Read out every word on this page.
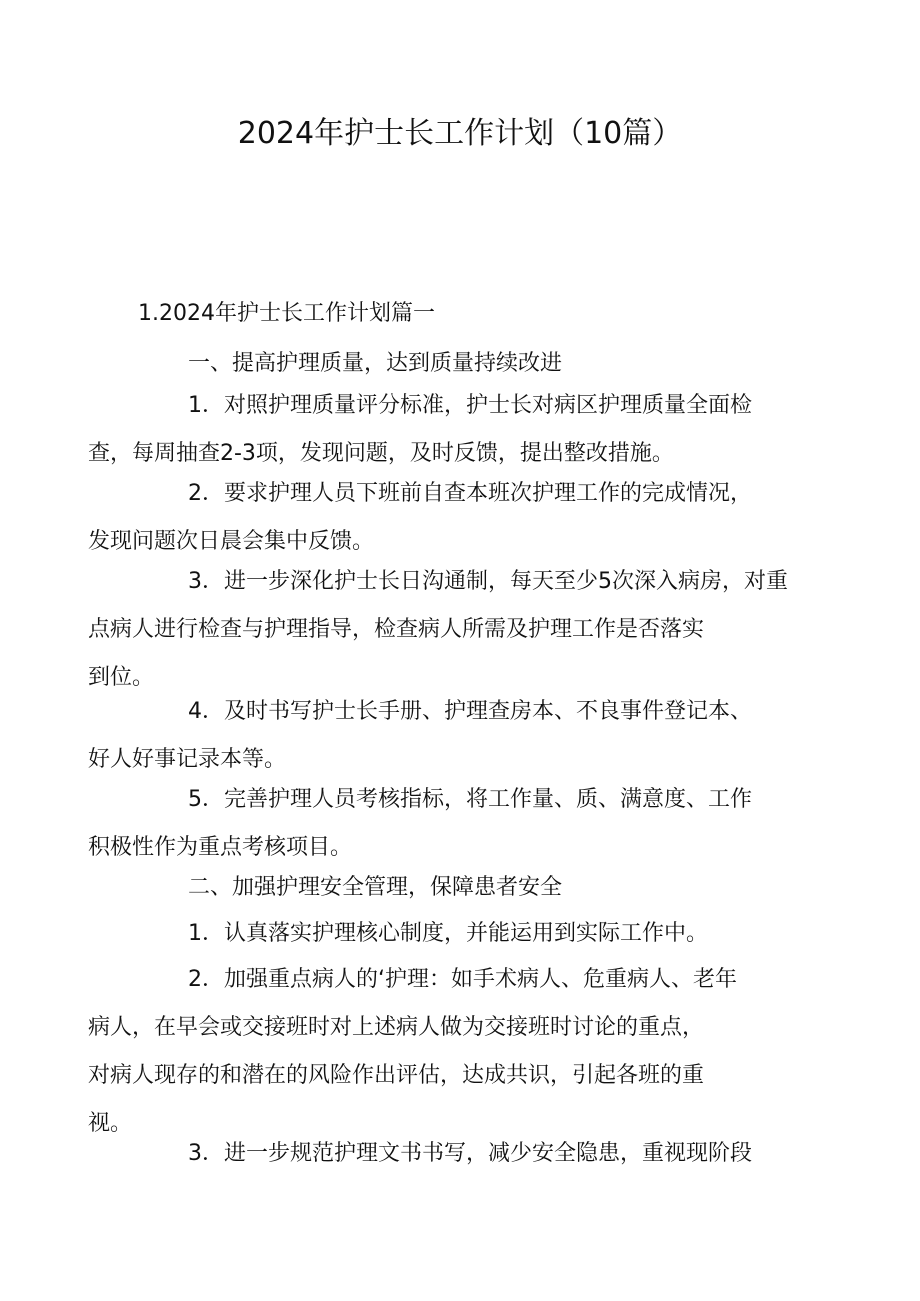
2024年护士长工作计划（10篇）
1.2024年护士长工作计划篇一

一、提高护理质量，达到质量持续改进

1．对照护理质量评分标准，护士长对病区护理质量全面检
查，每周抽查2-3项，发现问题，及时反馈，提出整改措施。

2．要求护理人员下班前自查本班次护理工作的完成情况，
发现问题次日晨会集中反馈。

3．进一步深化护士长日沟通制，每天至少5次深入病房，对重
点病人进行检查与护理指导，检查病人所需及护理工作是否落实
到位。

4．及时书写护士长手册、护理查房本、不良事件登记本、
好人好事记录本等。

5．完善护理人员考核指标，将工作量、质、满意度、工作
积极性作为重点考核项目。

二、加强护理安全管理，保障患者安全

1．认真落实护理核心制度，并能运用到实际工作中。

2．加强重点病人的‘护理：如手术病人、危重病人、老年
病人，在早会或交接班时对上述病人做为交接班时讨论的重点，
对病人现存的和潜在的风险作出评估，达成共识，引起各班的重
视。

3．进一步规范护理文书书写，减少安全隐患，重视现阶段
